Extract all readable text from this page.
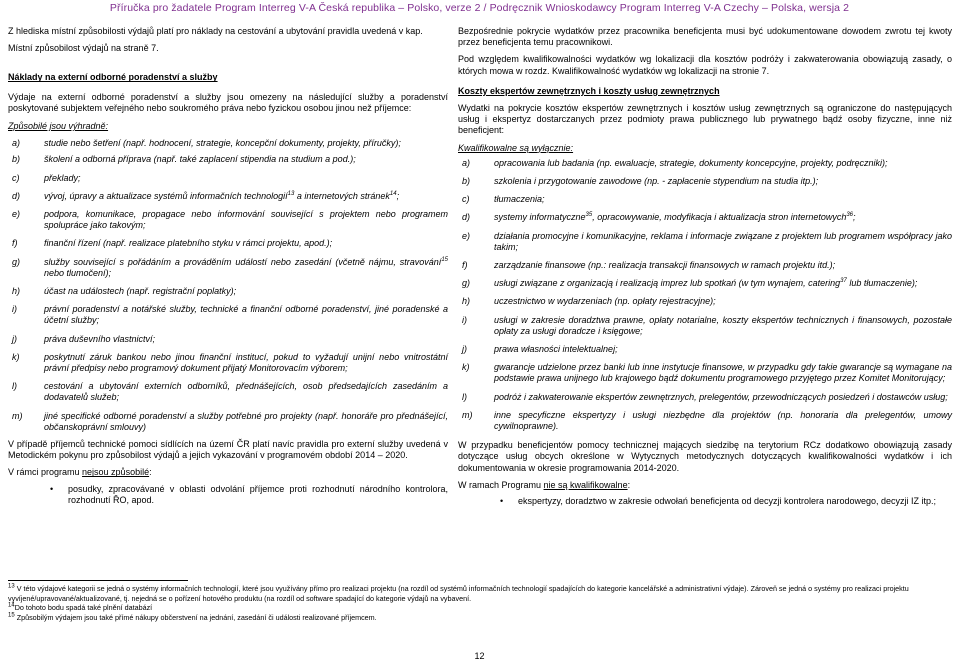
Příručka pro žadatele Program Interreg V-A Česká republika – Polsko, verze 2 / Podręcznik Wnioskodawcy Program Interreg V-A Czechy – Polska, wersja 2

Z hlediska místní způsobilosti výdajů platí pro náklady na cestování a ubytování pravidla uvedená v kap.

Místní způsobilost výdajů na straně 7.

Náklady na externí odborné poradenství a služby

Výdaje na externí odborné poradenství a služby jsou omezeny na následující služby a poradenství poskytované subjektem veřejného nebo soukromého práva nebo fyzickou osobou jinou než příjemce:

Způsobilé jsou výhradně:

a)	studie nebo šetření (např. hodnocení, strategie, koncepční dokumenty, projekty, příručky);
b)	školení a odborná příprava (např. také zaplacení stipendia na studium a pod.);
c)	překlady;
d)	vývoj, úpravy a aktualizace systémů informačních technologií$^{13}$ a internetových stránek$^{14}$;
e)	podpora, komunikace, propagace nebo informování související s projektem nebo programem spolupráce jako takovým;
f)	finanční řízení (např. realizace platebního styku v rámci projektu, apod.);
g)	služby související s pořádáním a prováděním událostí nebo zasedání (včetně nájmu, stravování$^{15}$ nebo tlumočení);
h)	účast na událostech (např. registrační poplatky);
i)	právní poradenství a notářské služby, technické a finanční odborné poradenství, jiné poradenské a účetní služby;
j)	práva duševního vlastnictví;
k)	poskytnutí záruk bankou nebo jinou finanční institucí, pokud to vyžadují unijní nebo vnitrostátní právní předpisy nebo programový dokument přijatý Monitorovacím výborem;
l)	cestování a ubytování externích odborníků, přednášejících, osob předsedajících zasedáním a dodavatelů služeb;
m) jiné specifické odborné poradenství a služby potřebné pro projekty (např. honoráře pro přednášející, občanskoprávní smlouvy)

V případě příjemců technické pomoci sídlících na území ČR platí navíc pravidla pro externí služby uvedená v Metodickém pokynu pro způsobilost výdajů a jejich vykazování v programovém období 2014 – 2020.

V rámci programu nejsou způsobilé:

• posudky, zpracovávané v oblasti odvolání příjemce proti rozhodnutí národního kontrolora, rozhodnutí ŘO, apod.

Bezpośrednie pokrycie wydatków przez pracownika beneficjenta musi być udokumentowane dowodem zwrotu tej kwoty przez beneficjenta temu pracownikowi.

Pod względem kwalifikowalności wydatków wg lokalizacji dla kosztów podróży i zakwaterowania obowiązują zasady, o których mowa w rozdz. Kwalifikowalność wydatków wg lokalizacji na stronie 7.

Koszty ekspertów zewnętrznych i koszty usług zewnętrznych

Wydatki na pokrycie kosztów ekspertów zewnętrznych i kosztów usług zewnętrznych są ograniczone do następujących usług i ekspertyz dostarczanych przez podmioty prawa publicznego lub prywatnego bądź osoby fizyczne, inne niż beneficjent:

Kwalifikowalne są wyłącznie:

a)	opracowania lub badania (np. ewaluacje, strategie, dokumenty koncepcyjne, projekty, podręczniki);
b)	szkolenia i przygotowanie zawodowe (np. - zapłacenie stypendium na studia itp.);
c)	tłumaczenia;
d)	systemy informatyczne$^{35}$, opracowywanie, modyfikacja i aktualizacja stron internetowych$^{36}$;
e)	działania promocyjne i komunikacyjne, reklama i informacje związane z projektem lub programem współpracy jako takim;
f)	zarządzanie finansowe (np.: realizacja transakcji finansowych w ramach projektu itd.);
g)	usługi związane z organizacją i realizacją imprez lub spotkań (w tym wynajem, catering$^{37}$ lub tłumaczenie);
h)	uczestnictwo w wydarzeniach (np. opłaty rejestracyjne);
i)	usługi w zakresie doradztwa prawne, opłaty notarialne, koszty ekspertów technicznych i finansowych, pozostałe opłaty za usługi doradcze i księgowe;
j)	prawa własności intelektualnej;
k)	gwarancje udzielone przez banki lub inne instytucje finansowe, w przypadku gdy takie gwarancje są wymagane na podstawie prawa unijnego lub krajowego bądź dokumentu programowego przyjętego przez Komitet Monitorujący;
l)	podróż i zakwaterowanie ekspertów zewnętrznych, prelegentów, przewodniczących posiedzeń i dostawców usług;
m) inne specyficzne ekspertyzy i usługi niezbędne dla projektów (np. honoraria dla prelegentów, umowy cywilnoprawne).

W przypadku beneficjentów pomocy technicznej mających siedzibę na terytorium RCz dodatkowo obowiązują zasady dotyczące usług obcych określone w Wytycznych metodycznych dotyczących kwalifikowalności wydatków i ich dokumentowania w okresie programowania 2014-2020.

W ramach Programu nie są kwalifikowalne:

• ekspertyzy, doradztwo w zakresie odwołań beneficjenta od decyzji kontrolera narodowego, decyzji IZ itp.;

$^{13}$ V této výdajové kategorii se jedná o systémy informačních technologií, které jsou využívány přímo pro realizaci projektu (na rozdíl od systémů informačních technologií spadajících do kategorie kancelářské a administrativní výdaje). Zároveň se jedná o systémy pro realizaci projektu vyvíjené/upravované/aktualizované, tj. nejedná se o pořízení hotového produktu (na rozdíl od software spadající do kategorie výdajů na vybavení.

$^{14}$Do tohoto bodu spadá také plnění databází

$^{15}$ Způsobilým výdajem jsou také přímé nákupy občerstvení na jednání, zasedání či události realizované příjemcem.

12
